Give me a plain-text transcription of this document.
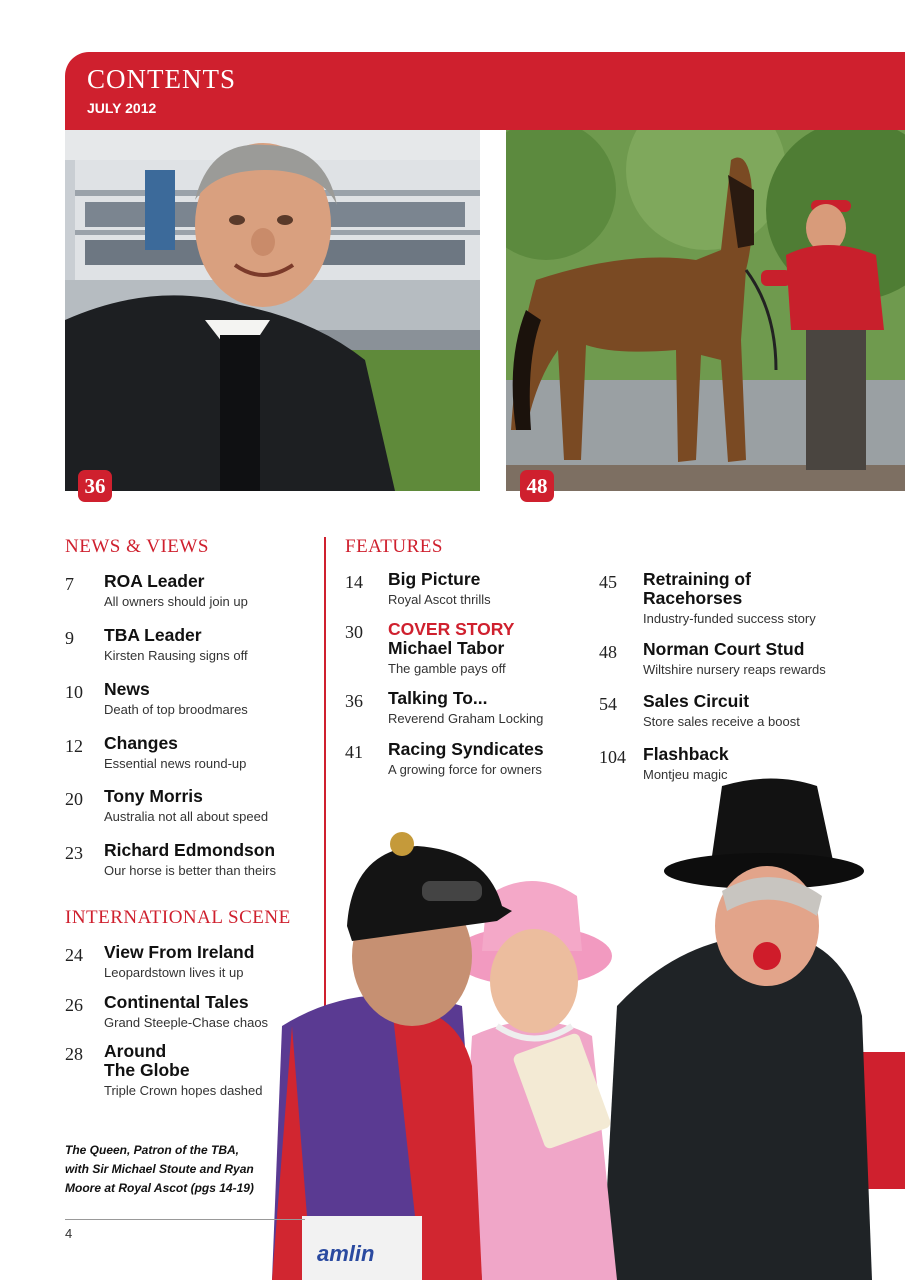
CONTENTS
JULY 2012
36	48
NEWS & VIEWS
7 ROA Leader
All owners should join up
9 TBA Leader
Kirsten Rausing signs off
10 News
Death of top broodmares
12 Changes
Essential news round-up
20 Tony Morris
Australia not all about speed
23 Richard Edmondson
Our horse is better than theirs
INTERNATIONAL SCENE
24 View From Ireland
Leopardstown lives it up
26 Continental Tales
Grand Steeple-Chase chaos
28 Around
The Globe
Triple Crown hopes dashed
FEATURES
14 Big Picture
Royal Ascot thrills
30 COVER STORY
Michael Tabor
The gamble pays off
36 Talking To...
Reverend Graham Locking
41 Racing Syndicates
A growing force for owners
45 Retraining of
Racehorses
Industry-funded success story
48 Norman Court Stud
Wiltshire nursery reaps rewards
54 Sales Circuit
Store sales receive a boost
104 Flashback
Montjeu magic
amlin
The Queen, Patron of the TBA,
with Sir Michael Stoute and Ryan
Moore at Royal Ascot (pgs 14-19)
4
